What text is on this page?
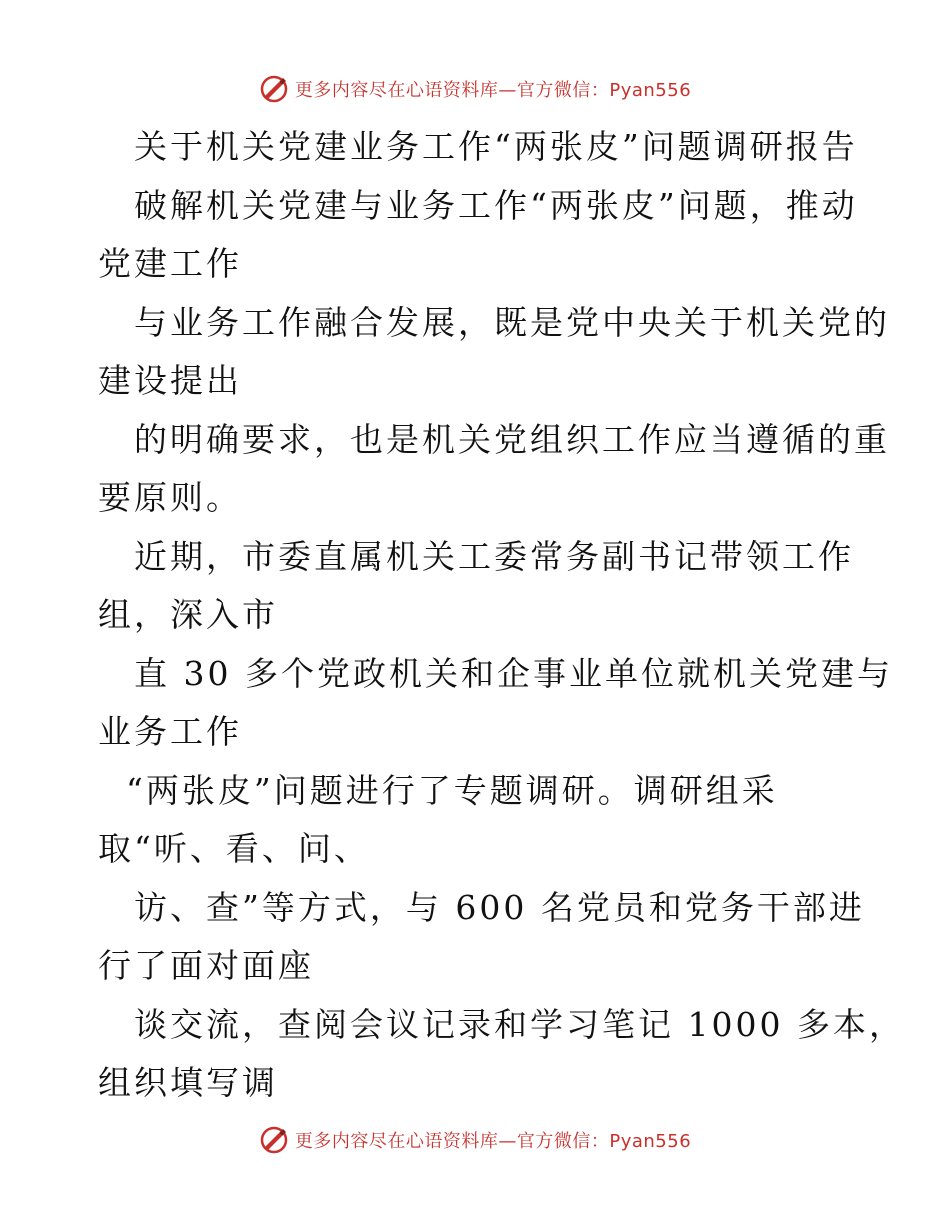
更多内容尽在心语资料库—官方微信：Pyan556
关于机关党建业务工作“两张皮”问题调研报告
破解机关党建与业务工作“两张皮”问题，推动
党建工作
与业务工作融合发展，既是党中央关于机关党的
建设提出
的明确要求，也是机关党组织工作应当遵循的重
要原则。
近期，市委直属机关工委常务副书记带领工作
组，深入市
直 30 多个党政机关和企事业单位就机关党建与
业务工作
“两张皮”问题进行了专题调研。调研组采
取“听、看、问、
访、查”等方式，与 600 名党员和党务干部进
行了面对面座
谈交流，查阅会议记录和学习笔记 1000 多本，
组织填写调
更多内容尽在心语资料库—官方微信：Pyan556
